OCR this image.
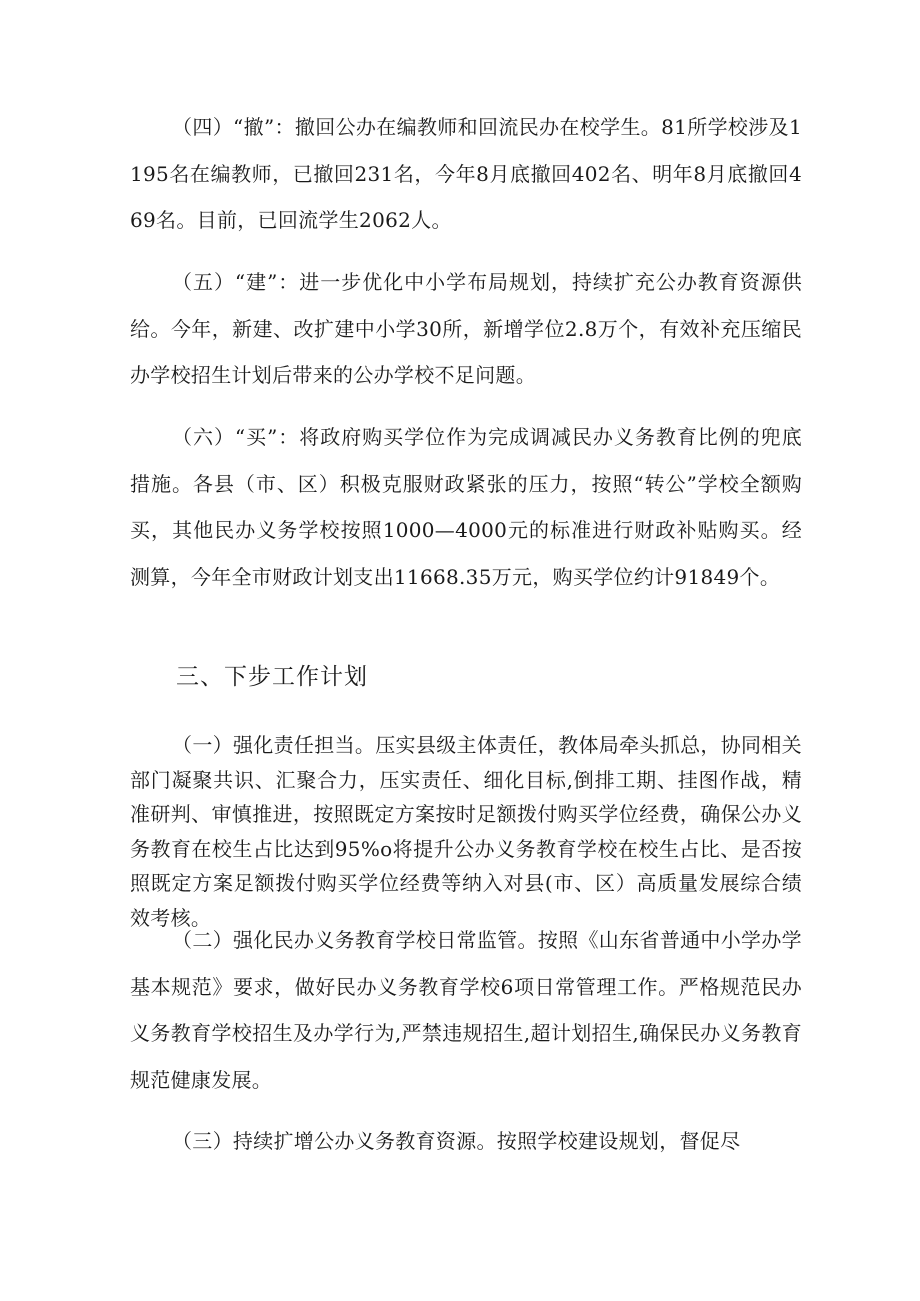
（四）“撤”：撤回公办在编教师和回流民办在校学生。81所学校涉及1195名在编教师，已撤回231名，今年8月底撤回402名、明年8月底撤回469名。目前，已回流学生2062人。

（五）“建”：进一步优化中小学布局规划，持续扩充公办教育资源供给。今年，新建、改扩建中小学30所，新增学位2.8万个，有效补充压缩民办学校招生计划后带来的公办学校不足问题。

（六）“买”：将政府购买学位作为完成调减民办义务教育比例的兜底措施。各县（市、区）积极克服财政紧张的压力，按照“转公”学校全额购买，其他民办义务学校按照1000—4000元的标准进行财政补贴购买。经测算，今年全市财政计划支出11668.35万元，购买学位约计91849个。

三、下步工作计划

（一）强化责任担当。压实县级主体责任，教体局牵头抓总，协同相关部门凝聚共识、汇聚合力，压实责任、细化目标,倒排工期、挂图作战，精准研判、审慎推进，按照既定方案按时足额拨付购买学位经费，确保公办义务教育在校生占比达到95%o将提升公办义务教育学校在校生占比、是否按照既定方案足额拨付购买学位经费等纳入对县(市、区）高质量发展综合绩效考核。

（二）强化民办义务教育学校日常监管。按照《山东省普通中小学办学基本规范》要求，做好民办义务教育学校6项日常管理工作。严格规范民办义务教育学校招生及办学行为,严禁违规招生,超计划招生,确保民办义务教育规范健康发展。

（三）持续扩增公办义务教育资源。按照学校建设规划，督促尽
